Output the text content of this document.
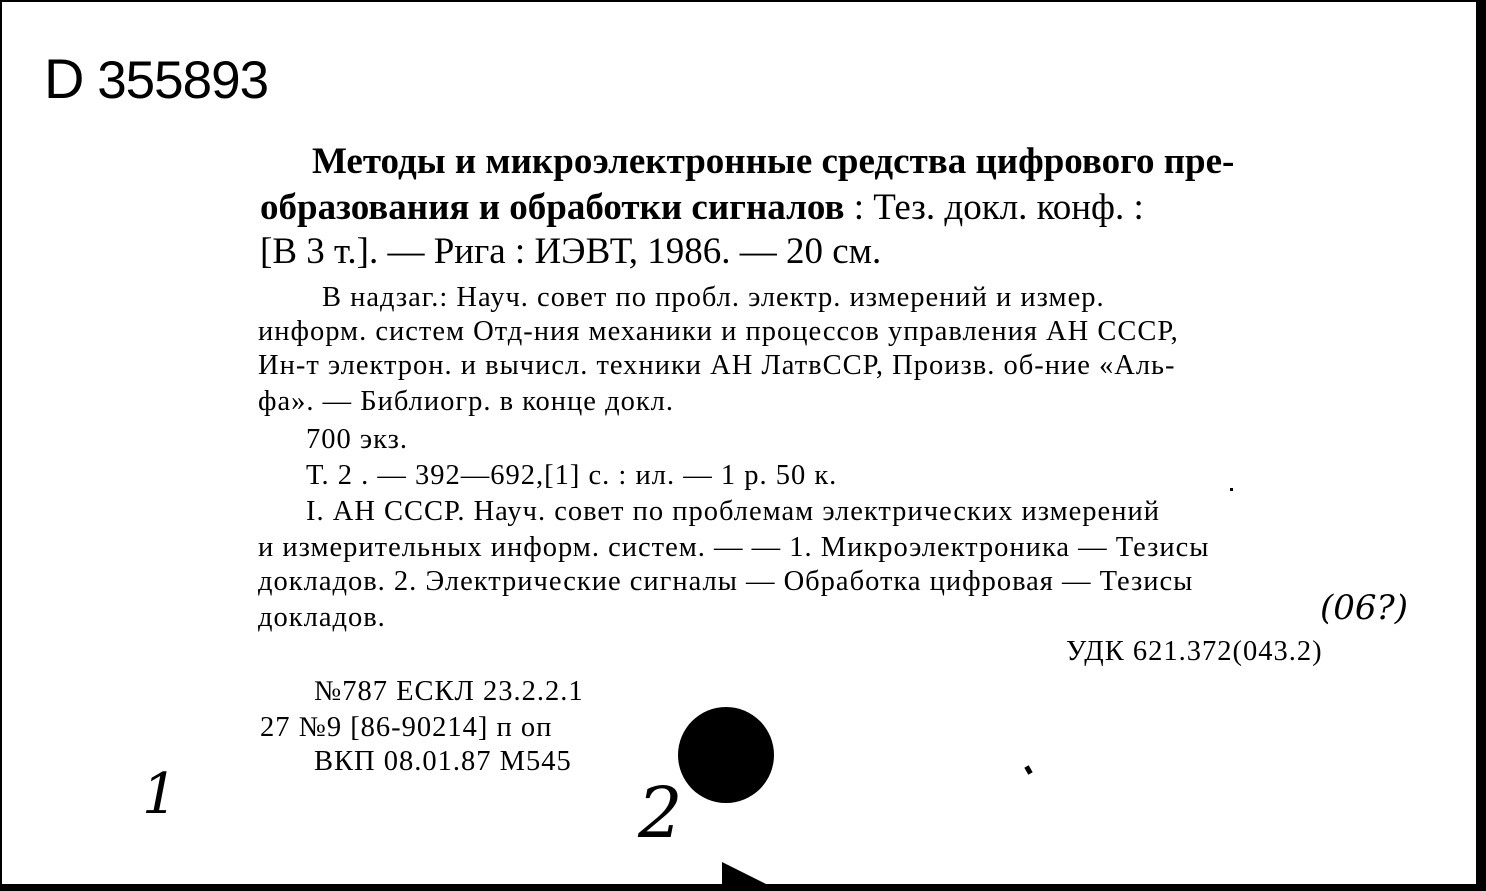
D 355893
Методы и микроэлектронные средства цифрового пре-
образования и обработки сигналов : Тез. докл. конф. :
[В 3 т.]. — Рига : ИЭВТ, 1986. — 20 см.
В надзаг.: Науч. совет по пробл. электр. измерений и измер.
информ. систем Отд-ния механики и процессов управления АН СССР,
Ин-т электрон. и вычисл. техники АН ЛатвССР, Произв. об-ние «Аль-
фа». — Библиогр. в конце докл.
700 экз.
Т. 2 . — 392—692,[1] с. : ил. — 1 р. 50 к.
I. АН СССР. Науч. совет по проблемам электрических измерений
и измерительных информ. систем. — — 1. Микроэлектроника — Тезисы
докладов. 2. Электрические сигналы — Обработка цифровая — Тезисы
докладов.	(06?)
УДК 621.372(043.2)
№787 ЕСКЛ 23.2.2.1
27 №9 [86-90214] п оп
ВКП 08.01.87 М545
1	2
